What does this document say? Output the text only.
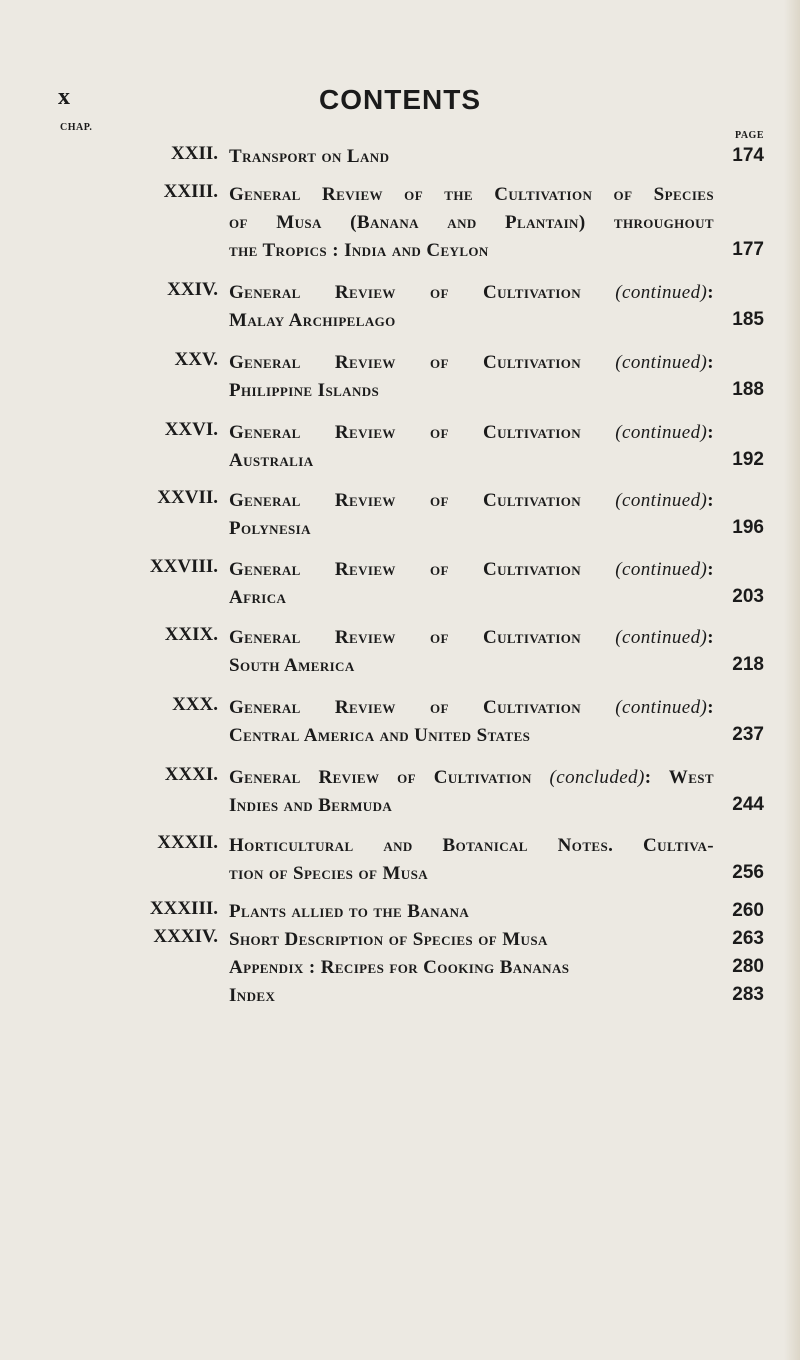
x	CONTENTS
CHAP.
PAGE
XXII. Transport on Land	174
XXIII. General Review of the Cultivation of Species
of Musa (Banana and Plantain) throughout
the Tropics : India and Ceylon	177
XXIV. General Review of Cultivation (continued):
Malay Archipelago	185
XXV. General Review of Cultivation (continued):
Philippine Islands	188
XXVI. General Review of Cultivation (continued):
Australia	192
XXVII. General Review of Cultivation (continued):
Polynesia	196
XXVIII. General Review of Cultivation (continued):
Africa	203
XXIX. General Review of Cultivation (continued):
South America	218
XXX. General Review of Cultivation (continued):
Central America and United States	237
XXXI. General Review of Cultivation (concluded): West
Indies and Bermuda	244
XXXII. Horticultural and Botanical Notes. Cultiva-
tion of Species of Musa	256
XXXIII. Plants allied to the Banana	260
XXXIV. Short Description of Species of Musa	263
Appendix : Recipes for Cooking Bananas	280
Index	283
